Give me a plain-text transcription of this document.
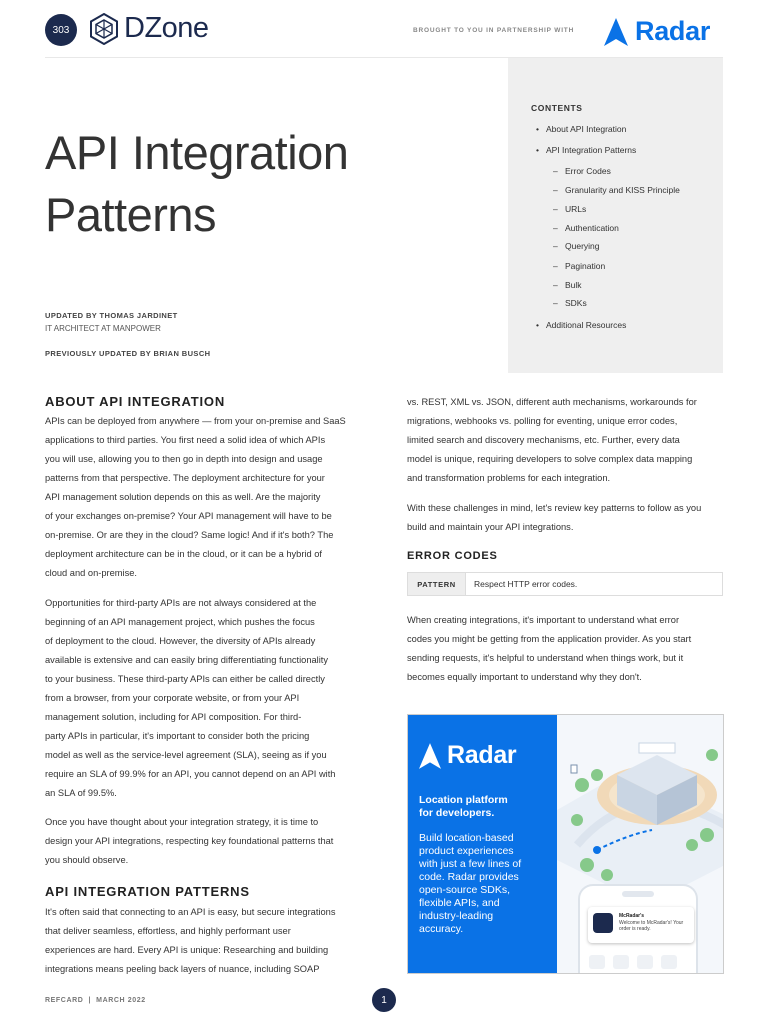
303 DZone	BROUGHT TO YOU IN PARTNERSHIP WITH Radar
API Integration
Patterns
UPDATED BY THOMAS JARDINET
IT ARCHITECT AT MANPOWER
PREVIOUSLY UPDATED BY BRIAN BUSCH
CONTENTS
• About API Integration
• API Integration Patterns
– Error Codes
– Granularity and KISS Principle
– URLs
– Authentication
– Querying
– Pagination
– Bulk
– SDKs
• Additional Resources
ABOUT API INTEGRATION
APIs can be deployed from anywhere — from your on-premise and SaaS
applications to third parties. You first need a solid idea of which APIs
you will use, allowing you to then go in depth into design and usage
patterns from that perspective. The deployment architecture for your
API management solution depends on this as well. Are the majority
of your exchanges on-premise? Your API management will have to be
on-premise. Or are they in the cloud? Same logic! And if it's both? The
deployment architecture can be in the cloud, or it can be a hybrid of
cloud and on-premise.
Opportunities for third-party APIs are not always considered at the
beginning of an API management project, which pushes the focus
of deployment to the cloud. However, the diversity of APIs already
available is extensive and can easily bring differentiating functionality
to your business. These third-party APIs can either be called directly
from a browser, from your corporate website, or from your API
management solution, including for API composition. For third-
party APIs in particular, it's important to consider both the pricing
model as well as the service-level agreement (SLA), seeing as if you
require an SLA of 99.9% for an API, you cannot depend on an API with
an SLA of 99.5%.
Once you have thought about your integration strategy, it is time to
design your API integrations, respecting key foundational patterns that
you should observe.
API INTEGRATION PATTERNS
It's often said that connecting to an API is easy, but secure integrations
that deliver seamless, effortless, and highly performant user
experiences are hard. Every API is unique: Researching and building
integrations means peeling back layers of nuance, including SOAP
vs. REST, XML vs. JSON, different auth mechanisms, workarounds for
migrations, webhooks vs. polling for eventing, unique error codes,
limited search and discovery mechanisms, etc. Further, every data
model is unique, requiring developers to solve complex data mapping
and transformation problems for each integration.
With these challenges in mind, let's review key patterns to follow as you
build and maintain your API integrations.
ERROR CODES
PATTERN	Respect HTTP error codes.
When creating integrations, it's important to understand what error
codes you might be getting from the application provider. As you start
sending requests, it's helpful to understand when things work, but it
becomes equally important to understand why they don't.
Radar
Location platform
for developers.
Build location-based
product experiences
with just a few lines of
code. Radar provides
open-source SDKs,
flexible APIs, and
industry-leading
accuracy.
McRadar's
Welcome to McRadar's! Your order is ready.
REFCARD  |  MARCH 2022	1
